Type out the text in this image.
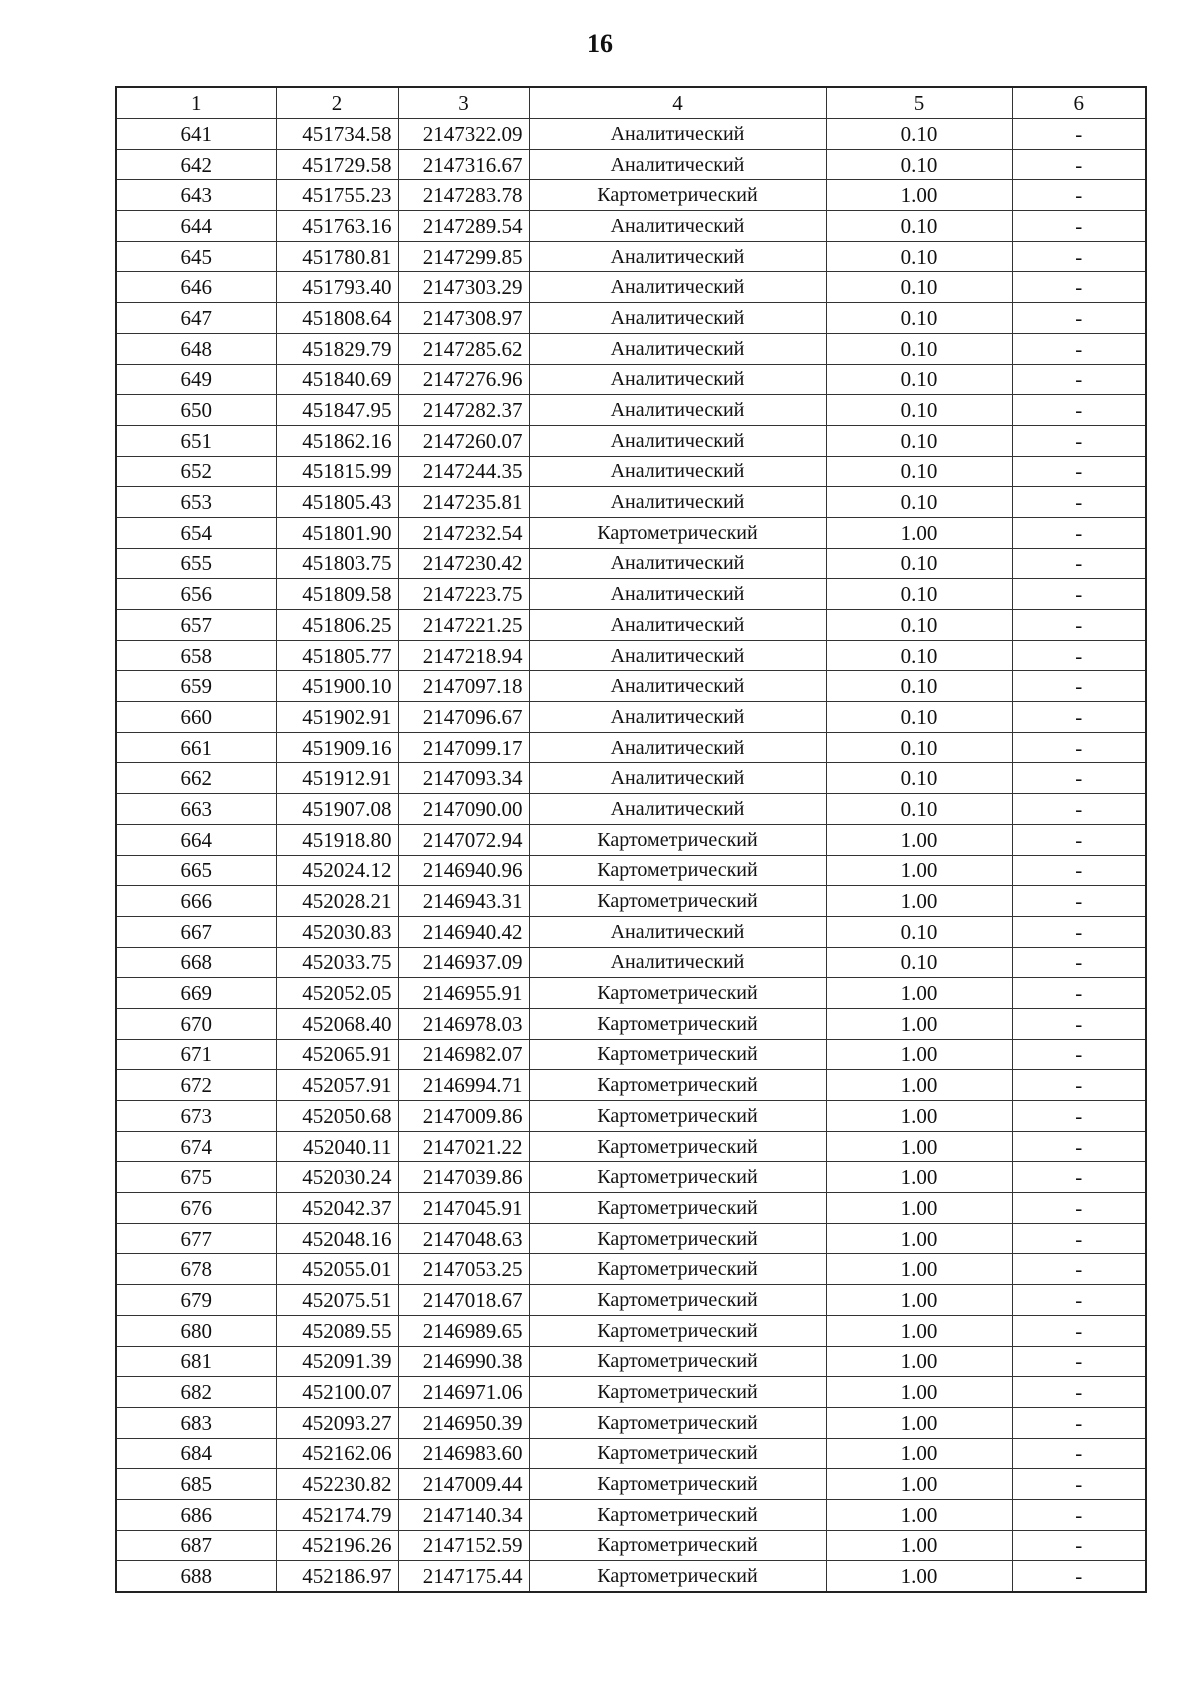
16
1	2	3	4	5	6
641	451734.58	2147322.09	Аналитический	0.10	-
642	451729.58	2147316.67	Аналитический	0.10	-
643	451755.23	2147283.78	Картометрический	1.00	-
644	451763.16	2147289.54	Аналитический	0.10	-
645	451780.81	2147299.85	Аналитический	0.10	-
646	451793.40	2147303.29	Аналитический	0.10	-
647	451808.64	2147308.97	Аналитический	0.10	-
648	451829.79	2147285.62	Аналитический	0.10	-
649	451840.69	2147276.96	Аналитический	0.10	-
650	451847.95	2147282.37	Аналитический	0.10	-
651	451862.16	2147260.07	Аналитический	0.10	-
652	451815.99	2147244.35	Аналитический	0.10	-
653	451805.43	2147235.81	Аналитический	0.10	-
654	451801.90	2147232.54	Картометрический	1.00	-
655	451803.75	2147230.42	Аналитический	0.10	-
656	451809.58	2147223.75	Аналитический	0.10	-
657	451806.25	2147221.25	Аналитический	0.10	-
658	451805.77	2147218.94	Аналитический	0.10	-
659	451900.10	2147097.18	Аналитический	0.10	-
660	451902.91	2147096.67	Аналитический	0.10	-
661	451909.16	2147099.17	Аналитический	0.10	-
662	451912.91	2147093.34	Аналитический	0.10	-
663	451907.08	2147090.00	Аналитический	0.10	-
664	451918.80	2147072.94	Картометрический	1.00	-
665	452024.12	2146940.96	Картометрический	1.00	-
666	452028.21	2146943.31	Картометрический	1.00	-
667	452030.83	2146940.42	Аналитический	0.10	-
668	452033.75	2146937.09	Аналитический	0.10	-
669	452052.05	2146955.91	Картометрический	1.00	-
670	452068.40	2146978.03	Картометрический	1.00	-
671	452065.91	2146982.07	Картометрический	1.00	-
672	452057.91	2146994.71	Картометрический	1.00	-
673	452050.68	2147009.86	Картометрический	1.00	-
674	452040.11	2147021.22	Картометрический	1.00	-
675	452030.24	2147039.86	Картометрический	1.00	-
676	452042.37	2147045.91	Картометрический	1.00	-
677	452048.16	2147048.63	Картометрический	1.00	-
678	452055.01	2147053.25	Картометрический	1.00	-
679	452075.51	2147018.67	Картометрический	1.00	-
680	452089.55	2146989.65	Картометрический	1.00	-
681	452091.39	2146990.38	Картометрический	1.00	-
682	452100.07	2146971.06	Картометрический	1.00	-
683	452093.27	2146950.39	Картометрический	1.00	-
684	452162.06	2146983.60	Картометрический	1.00	-
685	452230.82	2147009.44	Картометрический	1.00	-
686	452174.79	2147140.34	Картометрический	1.00	-
687	452196.26	2147152.59	Картометрический	1.00	-
688	452186.97	2147175.44	Картометрический	1.00	-
